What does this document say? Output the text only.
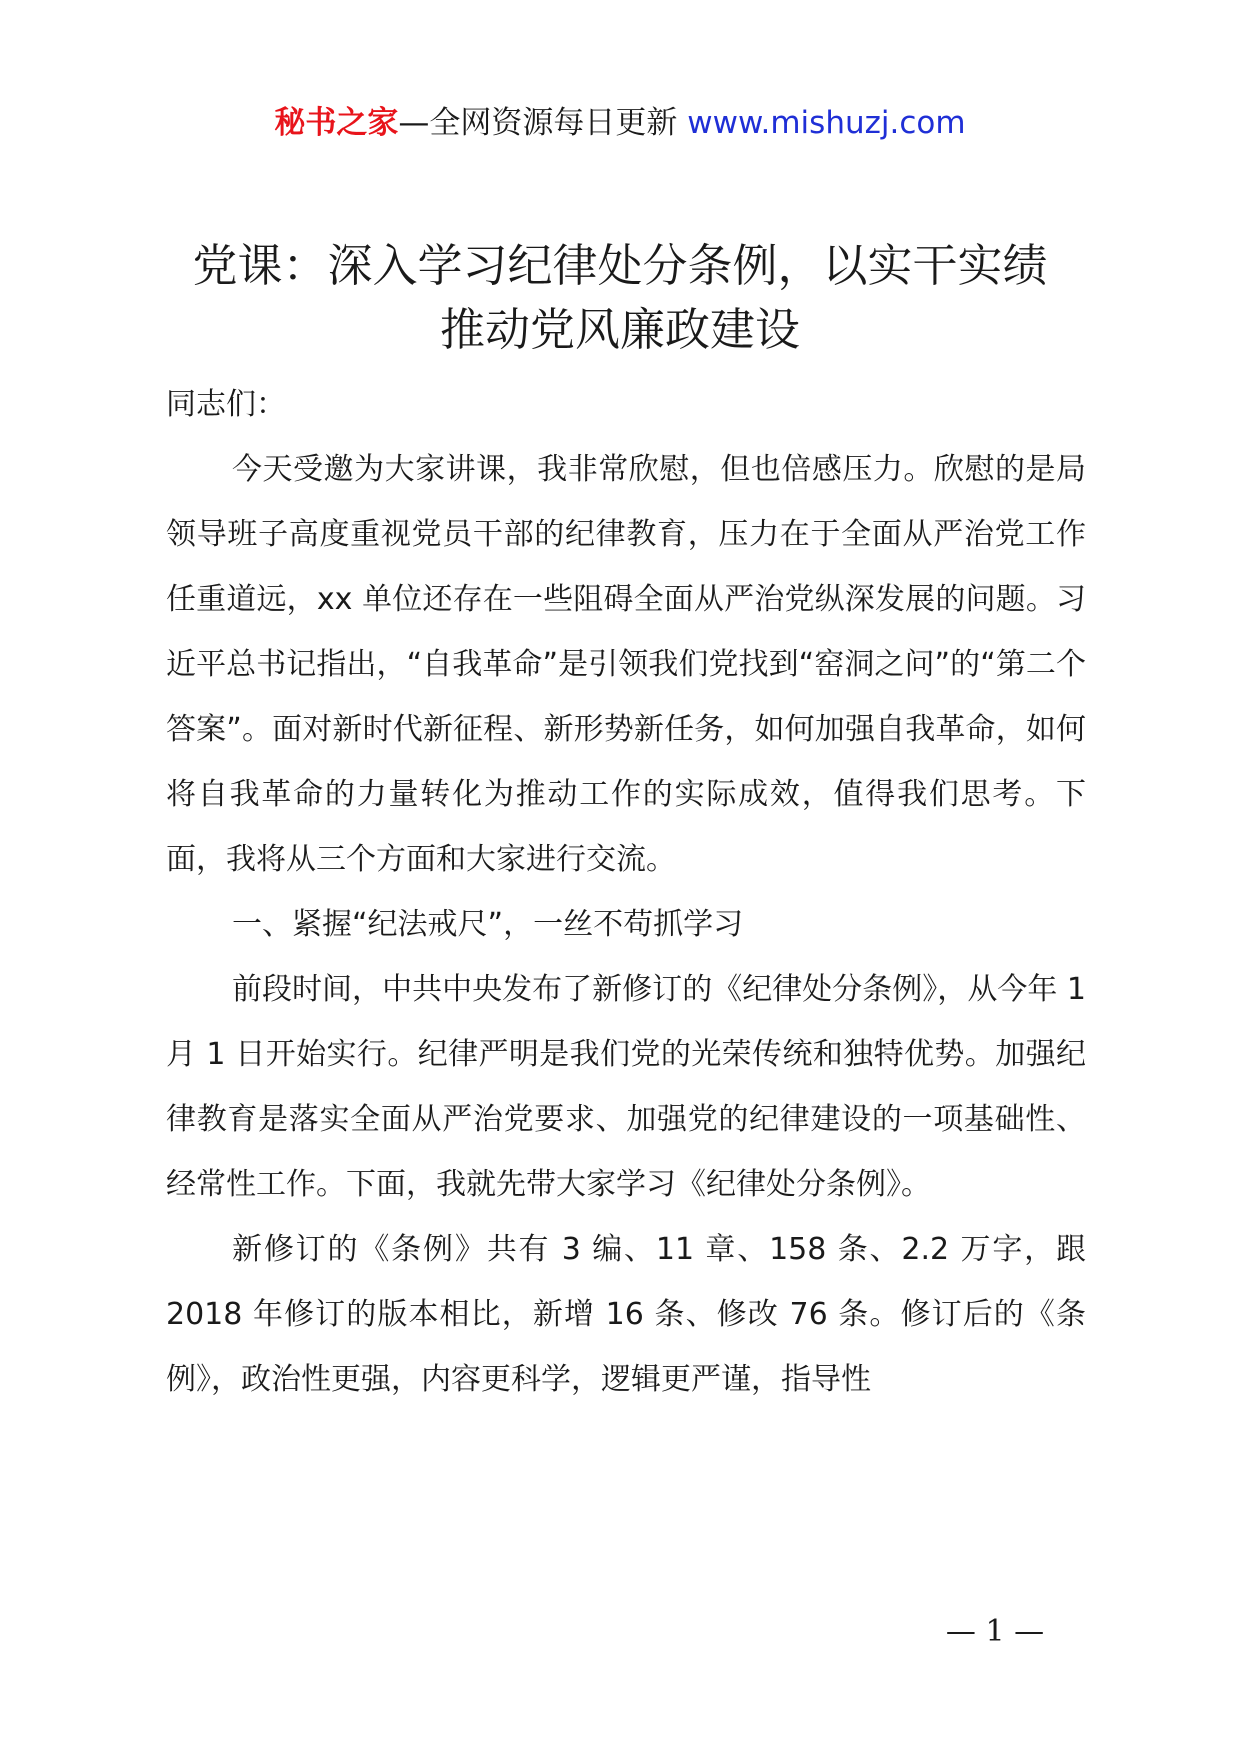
秘书之家—全网资源每日更新 www.mishuzj.com
党课：深入学习纪律处分条例，以实干实绩
推动党风廉政建设

同志们：

今天受邀为大家讲课，我非常欣慰，但也倍感压力。欣慰的是局领导班子高度重视党员干部的纪律教育，压力在于全面从严治党工作任重道远，xx 单位还存在一些阻碍全面从严治党纵深发展的问题。习近平总书记指出，“自我革命”是引领我们党找到“窑洞之问”的“第二个答案”。面对新时代新征程、新形势新任务，如何加强自我革命，如何将自我革命的力量转化为推动工作的实际成效，值得我们思考。下面，我将从三个方面和大家进行交流。

一、紧握“纪法戒尺”，一丝不苟抓学习

前段时间，中共中央发布了新修订的《纪律处分条例》，从今年 1 月 1 日开始实行。纪律严明是我们党的光荣传统和独特优势。加强纪律教育是落实全面从严治党要求、加强党的纪律建设的一项基础性、经常性工作。下面，我就先带大家学习《纪律处分条例》。

新修订的《条例》共有 3 编、11 章、158 条、2.2 万字，跟 2018 年修订的版本相比，新增 16 条、修改 76 条。修订后的《条例》，政治性更强，内容更科学，逻辑更严谨，指导性

— 1 —
